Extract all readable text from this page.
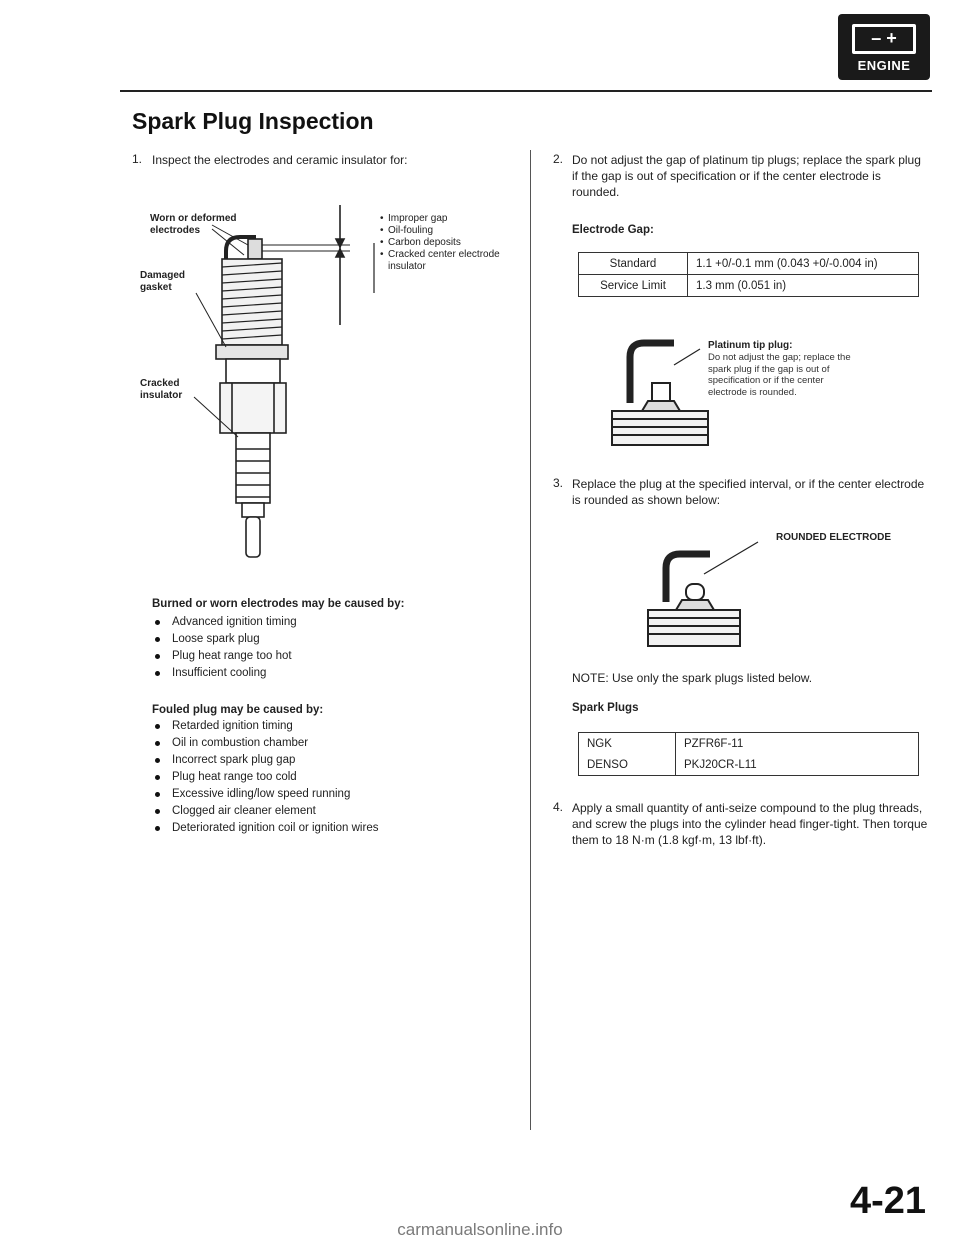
– +
ENGINE
Spark Plug Inspection
1. Inspect the electrodes and ceramic insulator for:
Worn or deformed electrodes
Damaged gasket
Cracked insulator
• Improper gap
• Oil-fouling
• Carbon deposits
• Cracked center electrode insulator
Burned or worn electrodes may be caused by:
Advanced ignition timing
Loose spark plug
Plug heat range too hot
Insufficient cooling
Fouled plug may be caused by:
Retarded ignition timing
Oil in combustion chamber
Incorrect spark plug gap
Plug heat range too cold
Excessive idling/low speed running
Clogged air cleaner element
Deteriorated ignition coil or ignition wires
2. Do not adjust the gap of platinum tip plugs; replace the spark plug if the gap is out of specification or if the center electrode is rounded.
Electrode Gap:
Standard	1.1 +0/-0.1 mm (0.043 +0/-0.004 in)
Service Limit	1.3 mm (0.051 in)
Platinum tip plug:
Do not adjust the gap; replace the spark plug if the gap is out of specification or if the center electrode is rounded.
3. Replace the plug at the specified interval, or if the center electrode is rounded as shown below:
ROUNDED ELECTRODE
NOTE: Use only the spark plugs listed below.
Spark Plugs
NGK	PZFR6F-11
DENSO	PKJ20CR-L11
4. Apply a small quantity of anti-seize compound to the plug threads, and screw the plugs into the cylinder head finger-tight. Then torque them to 18 N·m (1.8 kgf·m, 13 lbf·ft).
4-21
carmanualsonline.info
